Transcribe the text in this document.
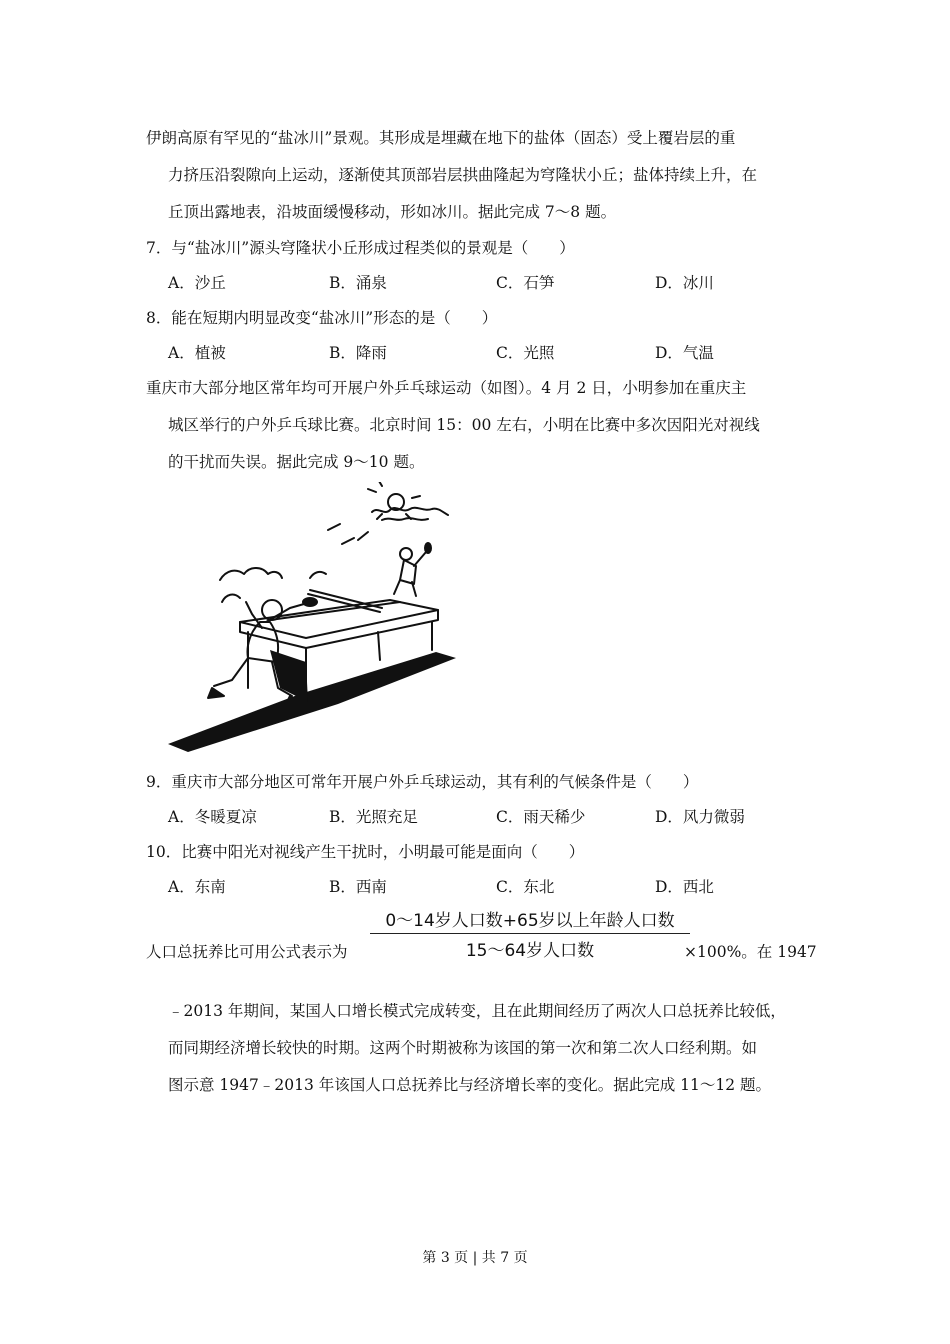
伊朗高原有罕见的“盐冰川”景观。其形成是埋藏在地下的盐体（固态）受上覆岩层的重
力挤压沿裂隙向上运动，逐渐使其顶部岩层拱曲隆起为穹隆状小丘；盐体持续上升，在
丘顶出露地表，沿坡面缓慢移动，形如冰川。据此完成 7～8 题。
7．与“盐冰川”源头穹隆状小丘形成过程类似的景观是（　　）
A．沙丘	B．涌泉	C．石笋	D．冰川
8．能在短期内明显改变“盐冰川”形态的是（　　）
A．植被	B．降雨	C．光照	D．气温
重庆市大部分地区常年均可开展户外乒乓球运动（如图）。4 月 2 日，小明参加在重庆主
城区举行的户外乒乓球比赛。北京时间 15：00 左右，小明在比赛中多次因阳光对视线
的干扰而失误。据此完成 9～10 题。
9．重庆市大部分地区可常年开展户外乒乓球运动，其有利的气候条件是（　　）
A．冬暖夏凉	B．光照充足	C．雨天稀少	D．风力微弱
10．比赛中阳光对视线产生干扰时，小明最可能是面向（　　）
A．东南	B．西南	C．东北	D．西北
人口总抚养比可用公式表示为
0～14岁人口数+65岁以上年龄人口数
15～64岁人口数	×100%。在 1947
﹣2013 年期间，某国人口增长模式完成转变，且在此期间经历了两次人口总抚养比较低，
而同期经济增长较快的时期。这两个时期被称为该国的第一次和第二次人口经利期。如
图示意 1947﹣2013 年该国人口总抚养比与经济增长率的变化。据此完成 11～12 题。
第 3 页 | 共 7 页
